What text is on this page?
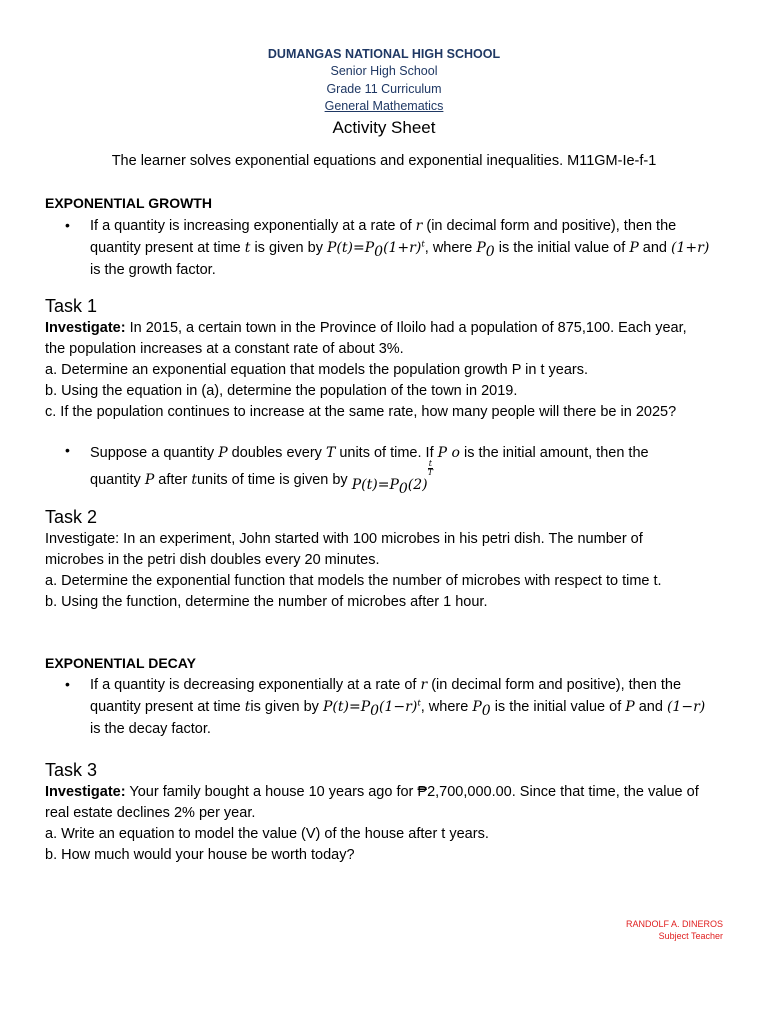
DUMANGAS NATIONAL HIGH SCHOOL
Senior High School
Grade 11 Curriculum
General Mathematics
Activity Sheet
The learner solves exponential equations and exponential inequalities. M11GM-Ie-f-1
EXPONENTIAL GROWTH
• If a quantity is increasing exponentially at a rate of r (in decimal form and positive), then the
quantity present at time t is given by $P(t)=P_0(1+r)^t$, where $P_0$ is the initial value of P and (1+r)
is the growth factor.
Task 1
Investigate: In 2015, a certain town in the Province of Iloilo had a population of 875,100. Each year,
the population increases at a constant rate of about 3%.
a. Determine an exponential equation that models the population growth P in t years.
b. Using the equation in (a), determine the population of the town in 2019.
c. If the population continues to increase at the same rate, how many people will there be in 2025?
• Suppose a quantity P doubles every T units of time. If P o is the initial amount, then the
quantity P after tunits of time is given by $P(t)=P_0(2)$
$\frac{t}{T}$
Task 2
Investigate: In an experiment, John started with 100 microbes in his petri dish. The number of
microbes in the petri dish doubles every 20 minutes.
a. Determine the exponential function that models the number of microbes with respect to time t.
b. Using the function, determine the number of microbes after 1 hour.
EXPONENTIAL DECAY
• If a quantity is decreasing exponentially at a rate of r (in decimal form and positive), then the
quantity present at time tis given by $P(t)=P_0(1-r)^t$, where $P_0$ is the initial value of P and (1−r)
is the decay factor.
Task 3
Investigate: Your family bought a house 10 years ago for ₱2,700,000.00. Since that time, the value of
real estate declines 2% per year.
a. Write an equation to model the value (V) of the house after t years.
b. How much would your house be worth today?
RANDOLF A. DINEROS
Subject Teacher
